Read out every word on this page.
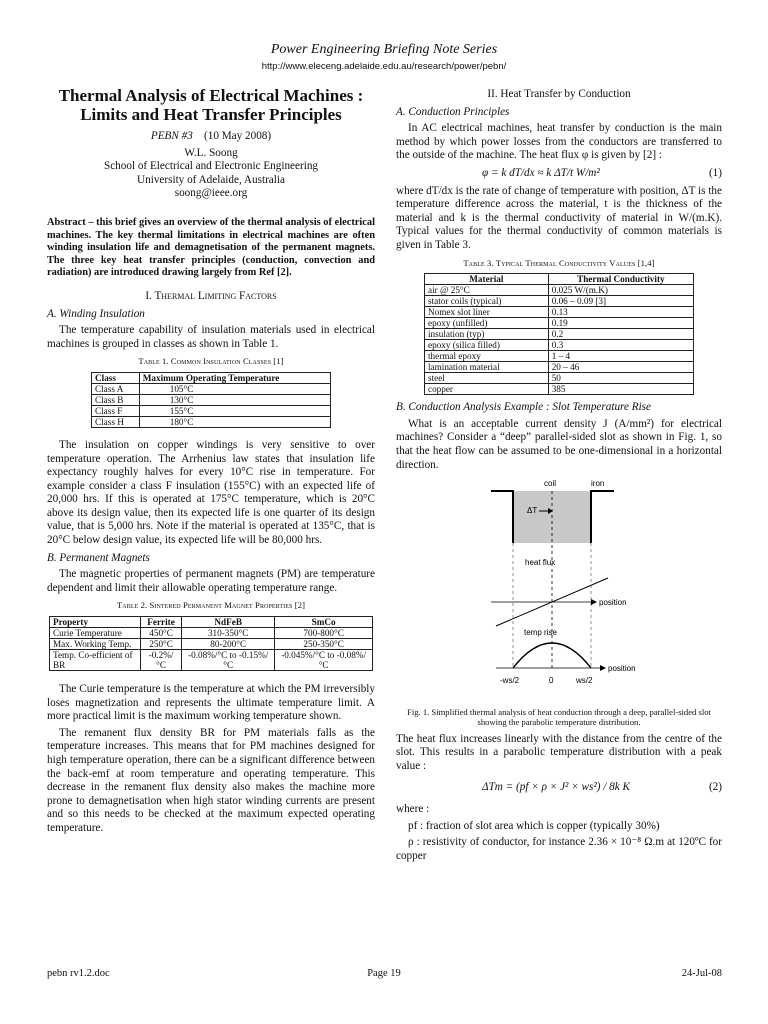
Power Engineering Briefing Note Series
http://www.eleceng.adelaide.edu.au/research/power/pebn/
Thermal Analysis of Electrical Machines :
Limits and Heat Transfer Principles
PEBN #3 (10 May 2008)
W.L. Soong
School of Electrical and Electronic Engineering
University of Adelaide, Australia
soong@ieee.org
Abstract – this brief gives an overview of the thermal analysis of electrical machines. The key thermal limitations in electrical machines are often winding insulation life and demagnetisation of the permanent magnets. The three key heat transfer principles (conduction, convection and radiation) are introduced drawing largely from Ref [2].
I. Thermal Limiting Factors
A. Winding Insulation
The temperature capability of insulation materials used in electrical machines is grouped in classes as shown in Table 1.
Table 1. Common Insulation Classes [1]
Class	Maximum Operating Temperature
Class A	105°C
Class B	130°C
Class F	155°C
Class H	180°C
The insulation on copper windings is very sensitive to over temperature operation. The Arrhenius law states that insulation life expectancy roughly halves for every 10°C rise in temperature. For example consider a class F insulation (155°C) with an expected life of 20,000 hrs. If this is operated at 175°C temperature, which is 20°C above its design value, then its expected life is one quarter of its design value, that is 5,000 hrs. Note if the material is operated at 135°C, that is 20°C below design value, its expected life will be 80,000 hrs.
B. Permanent Magnets
The magnetic properties of permanent magnets (PM) are temperature dependent and limit their allowable operating temperature range.
Table 2. Sintered Permanent Magnet Properties [2]
Property	Ferrite	NdFeB	SmCo
Curie Temperature	450°C	310-350°C	700-800°C
Max. Working Temp.	250°C	80-200°C	250-350°C
Temp. Co-efficient of BR	-0.2%/°C	-0.08%/°C to -0.15%/°C	-0.045%/°C to -0.08%/°C
The Curie temperature is the temperature at which the PM irreversibly loses magnetization and represents the ultimate temperature limit. A more practical limit is the maximum working temperature shown.
The remanent flux density BR for PM materials falls as the temperature increases. This means that for PM machines designed for high temperature operation, there can be a significant difference between the back-emf at room temperature and operating temperature. This decrease in the remanent flux density also makes the machine more prone to demagnetisation when high stator winding currents are present and so this needs to be checked at the maximum expected operating temperature.
II. Heat Transfer by Conduction
A. Conduction Principles
In AC electrical machines, heat transfer by conduction is the main method by which power losses from the conductors are transferred to the outside of the machine. The heat flux φ is given by [2] :
φ = k dT/dx ≈ k ΔT/t W/m²	(1)
where dT/dx is the rate of change of temperature with position, ΔT is the temperature difference across the material, t is the thickness of the material and k is the thermal conductivity of material in W/(m.K). Typical values for the thermal conductivity of common materials is given in Table 3.
Table 3. Typical Thermal Conductivity Values [1,4]
Material	Thermal Conductivity
air @ 25°C	0.025 W/(m.K)
stator coils (typical)	0.06 – 0.09 [3]
Nomex slot liner	0.13
epoxy (unfilled)	0.19
insulation (typ)	0.2
epoxy (silica filled)	0.3
thermal epoxy	1 – 4
lamination material	20 – 46
steel	50
copper	385
B. Conduction Analysis Example : Slot Temperature Rise
What is an acceptable current density J (A/mm²) for electrical machines? Consider a “deep” parallel-sided slot as shown in Fig. 1, so that the heat flow can be assumed to be one-dimensional in a horizontal direction.
ΔT
coil	iron
heat flux
position
temp rise
position
-ws/2	0	ws/2
Fig. 1. Simplified thermal analysis of heat conduction through a deep, parallel-sided slot showing the parabolic temperature distribution.
The heat flux increases linearly with the distance from the centre of the slot. This results in a parabolic temperature distribution with a peak value :
ΔTm = (pf × ρ × J² × ws²) / 8k K	(2)
where :
pf : fraction of slot area which is copper (typically 30%)
ρ : resistivity of conductor, for instance 2.36 × 10⁻⁸ Ω.m at 120ºC for copper
pebn rv1.2.doc	Page 19	24-Jul-08
